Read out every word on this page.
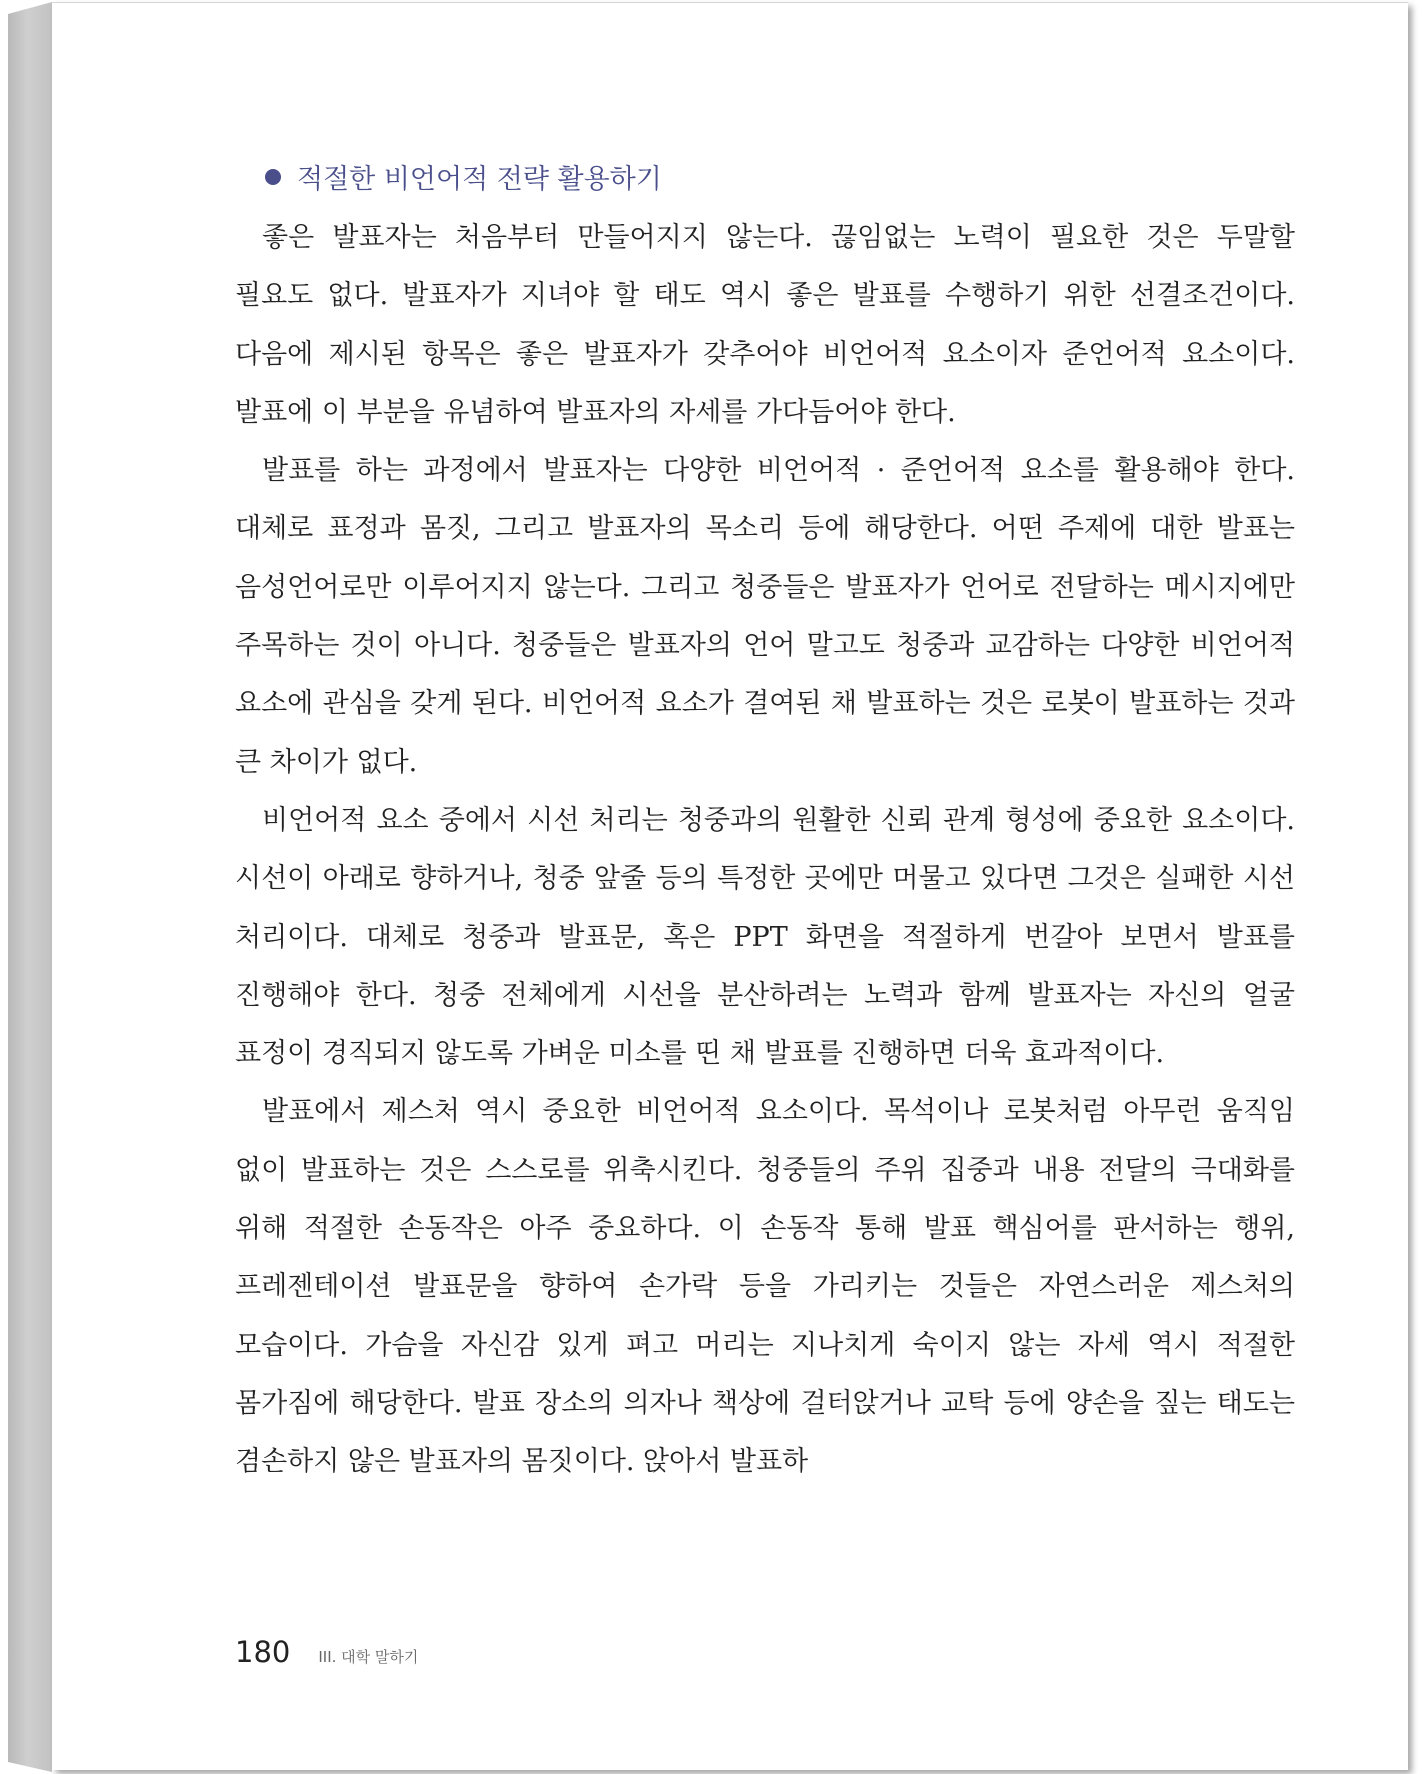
적절한 비언어적 전략 활용하기

좋은 발표자는 처음부터 만들어지지 않는다. 끊임없는 노력이 필요한 것은 두말할 필요도 없다. 발표자가 지녀야 할 태도 역시 좋은 발표를 수행하기 위한 선결조건이다. 다음에 제시된 항목은 좋은 발표자가 갖추어야 비언어적 요소이자 준언어적 요소이다. 발표에 이 부분을 유념하여 발표자의 자세를 가다듬어야 한다.

발표를 하는 과정에서 발표자는 다양한 비언어적 · 준언어적 요소를 활용해야 한다. 대체로 표정과 몸짓, 그리고 발표자의 목소리 등에 해당한다. 어떤 주제에 대한 발표는 음성언어로만 이루어지지 않는다. 그리고 청중들은 발표자가 언어로 전달하는 메시지에만 주목하는 것이 아니다. 청중들은 발표자의 언어 말고도 청중과 교감하는 다양한 비언어적 요소에 관심을 갖게 된다. 비언어적 요소가 결여된 채 발표하는 것은 로봇이 발표하는 것과 큰 차이가 없다.

비언어적 요소 중에서 시선 처리는 청중과의 원활한 신뢰 관계 형성에 중요한 요소이다. 시선이 아래로 향하거나, 청중 앞줄 등의 특정한 곳에만 머물고 있다면 그것은 실패한 시선 처리이다. 대체로 청중과 발표문, 혹은 PPT 화면을 적절하게 번갈아 보면서 발표를 진행해야 한다. 청중 전체에게 시선을 분산하려는 노력과 함께 발표자는 자신의 얼굴 표정이 경직되지 않도록 가벼운 미소를 띤 채 발표를 진행하면 더욱 효과적이다.

발표에서 제스처 역시 중요한 비언어적 요소이다. 목석이나 로봇처럼 아무런 움직임 없이 발표하는 것은 스스로를 위축시킨다. 청중들의 주위 집중과 내용 전달의 극대화를 위해 적절한 손동작은 아주 중요하다. 이 손동작 통해 발표 핵심어를 판서하는 행위, 프레젠테이션 발표문을 향하여 손가락 등을 가리키는 것들은 자연스러운 제스처의 모습이다. 가슴을 자신감 있게 펴고 머리는 지나치게 숙이지 않는 자세 역시 적절한 몸가짐에 해당한다. 발표 장소의 의자나 책상에 걸터앉거나 교탁 등에 양손을 짚는 태도는 겸손하지 않은 발표자의 몸짓이다. 앉아서 발표하

180 III. 대학 말하기
